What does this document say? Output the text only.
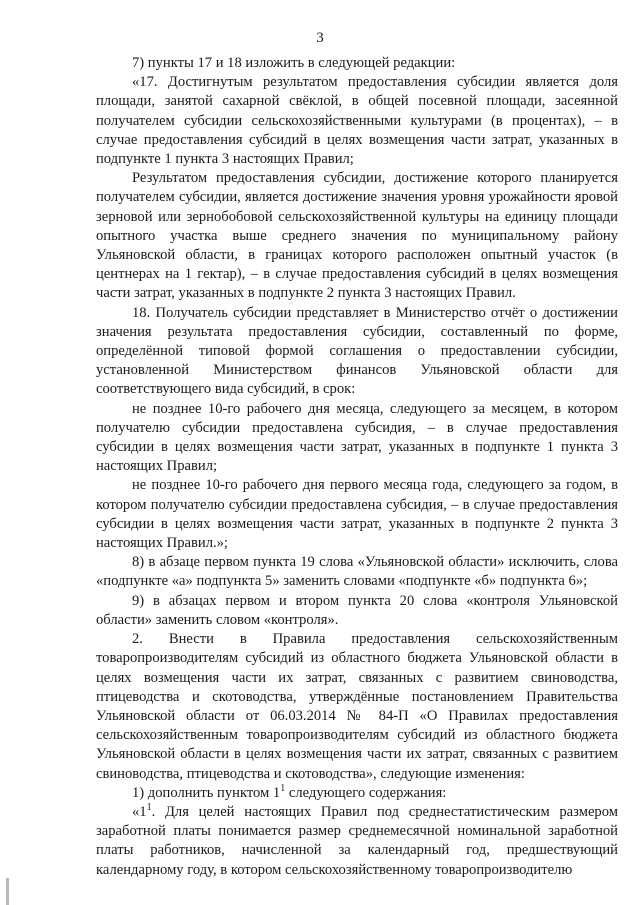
3

7) пункты 17 и 18 изложить в следующей редакции:

«17. Достигнутым результатом предоставления субсидии является доля площади, занятой сахарной свёклой, в общей посевной площади, засеянной получателем субсидии сельскохозяйственными культурами (в процентах), – в случае предоставления субсидий в целях возмещения части затрат, указанных в подпункте 1 пункта 3 настоящих Правил;

Результатом предоставления субсидии, достижение которого планируется получателем субсидии, является достижение значения уровня урожайности яровой зерновой или зернобобовой сельскохозяйственной культуры на единицу площади опытного участка выше среднего значения по муниципальному району Ульяновской области, в границах которого расположен опытный участок (в центнерах на 1 гектар), – в случае предоставления субсидий в целях возмещения части затрат, указанных в подпункте 2 пункта 3 настоящих Правил.

18. Получатель субсидии представляет в Министерство отчёт о достижении значения результата предоставления субсидии, составленный по форме, определённой типовой формой соглашения о предоставлении субсидии, установленной Министерством финансов Ульяновской области для соответствующего вида субсидий, в срок:

не позднее 10-го рабочего дня месяца, следующего за месяцем, в котором получателю субсидии предоставлена субсидия, – в случае предоставления субсидии в целях возмещения части затрат, указанных в подпункте 1 пункта 3 настоящих Правил;

не позднее 10-го рабочего дня первого месяца года, следующего за годом, в котором получателю субсидии предоставлена субсидия, – в случае предоставления субсидии в целях возмещения части затрат, указанных в подпункте 2 пункта 3 настоящих Правил.»;

8) в абзаце первом пункта 19 слова «Ульяновской области» исключить, слова «подпункте «а» подпункта 5» заменить словами «подпункте «б» подпункта 6»;

9) в абзацах первом и втором пункта 20 слова «контроля Ульяновской области» заменить словом «контроля».

2. Внести в Правила предоставления сельскохозяйственным товаропроизводителям субсидий из областного бюджета Ульяновской области в целях возмещения части их затрат, связанных с развитием свиноводства, птицеводства и скотоводства, утверждённые постановлением Правительства Ульяновской области от 06.03.2014 № 84-П «О Правилах предоставления сельскохозяйственным товаропроизводителям субсидий из областного бюджета Ульяновской области в целях возмещения части их затрат, связанных с развитием свиноводства, птицеводства и скотоводства», следующие изменения:

1) дополнить пунктом $1^1$ следующего содержания:

«$1^1$. Для целей настоящих Правил под среднестатистическим размером заработной платы понимается размер среднемесячной номинальной заработной платы работников, начисленной за календарный год, предшествующий календарному году, в котором сельскохозяйственному товаропроизводителю
